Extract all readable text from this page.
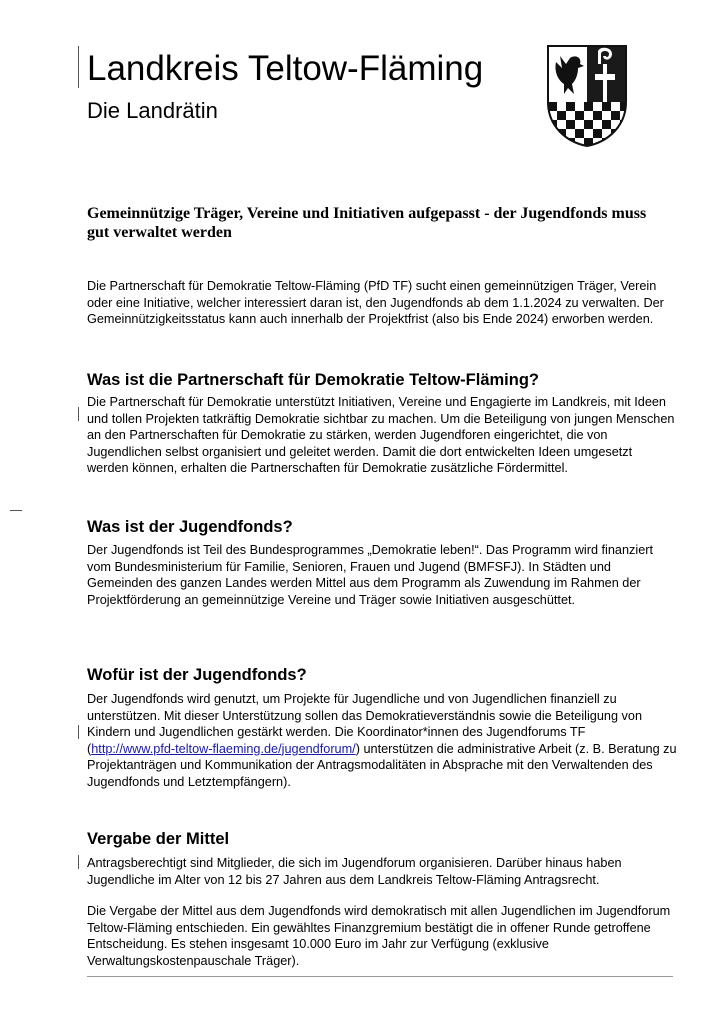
Landkreis Teltow-Fläming
Die Landrätin
Gemeinnützige Träger, Vereine und Initiativen aufgepasst - der Jugendfonds muss gut verwaltet werden
Die Partnerschaft für Demokratie Teltow-Fläming (PfD TF) sucht einen gemeinnützigen Träger, Verein oder eine Initiative, welcher interessiert daran ist, den Jugendfonds ab dem 1.1.2024 zu verwalten. Der Gemeinnützigkeitsstatus kann auch innerhalb der Projektfrist (also bis Ende 2024) erworben werden.
Was ist die Partnerschaft für Demokratie Teltow-Fläming?
Die Partnerschaft für Demokratie unterstützt Initiativen, Vereine und Engagierte im Landkreis, mit Ideen und tollen Projekten tatkräftig Demokratie sichtbar zu machen. Um die Beteiligung von jungen Menschen an den Partnerschaften für Demokratie zu stärken, werden Jugendforen eingerichtet, die von Jugendlichen selbst organisiert und geleitet werden. Damit die dort entwickelten Ideen umgesetzt werden können, erhalten die Partnerschaften für Demokratie zusätzliche Fördermittel.
Was ist der Jugendfonds?
Der Jugendfonds ist Teil des Bundesprogrammes „Demokratie leben!“. Das Programm wird finanziert vom Bundesministerium für Familie, Senioren, Frauen und Jugend (BMFSFJ). In Städten und Gemeinden des ganzen Landes werden Mittel aus dem Programm als Zuwendung im Rahmen der Projektförderung an gemeinnützige Vereine und Träger sowie Initiativen ausgeschüttet.
Wofür ist der Jugendfonds?
Der Jugendfonds wird genutzt, um Projekte für Jugendliche und von Jugendlichen finanziell zu unterstützen. Mit dieser Unterstützung sollen das Demokratieverständnis sowie die Beteiligung von Kindern und Jugendlichen gestärkt werden. Die Koordinator*innen des Jugendforums TF (http://www.pfd-teltow-flaeming.de/jugendforum/) unterstützen die administrative Arbeit (z. B. Beratung zu Projektanträgen und Kommunikation der Antragsmodalitäten in Absprache mit den Verwaltenden des Jugendfonds und Letztempfängern).
Vergabe der Mittel
Antragsberechtigt sind Mitglieder, die sich im Jugendforum organisieren. Darüber hinaus haben Jugendliche im Alter von 12 bis 27 Jahren aus dem Landkreis Teltow-Fläming Antragsrecht.
Die Vergabe der Mittel aus dem Jugendfonds wird demokratisch mit allen Jugendlichen im Jugendforum Teltow-Fläming entschieden. Ein gewähltes Finanzgremium bestätigt die in offener Runde getroffene Entscheidung. Es stehen insgesamt 10.000 Euro im Jahr zur Verfügung (exklusive Verwaltungskostenpauschale Träger).
